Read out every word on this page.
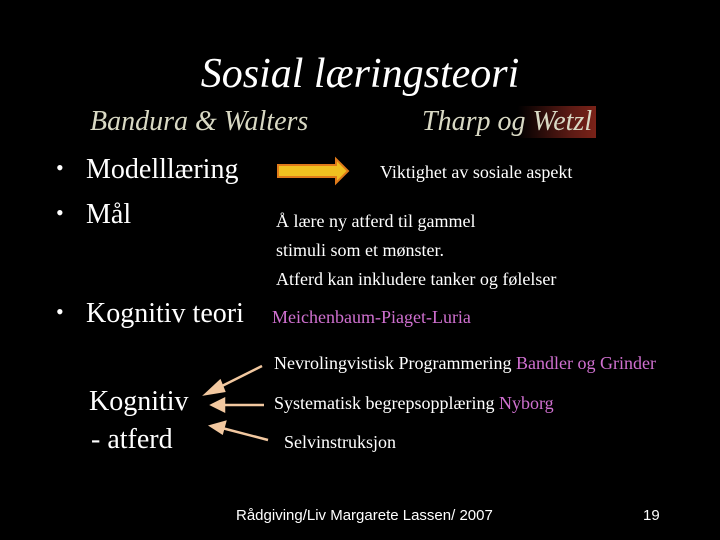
Sosial læringsteori
Bandura & Walters	Tharp og Wetzl
• Modelllæring
• Mål
• Kognitiv teori
Viktighet av sosiale aspekt
Å lære ny atferd til gammel
stimuli som et mønster.
Atferd kan inkludere tanker og følelser
Meichenbaum-Piaget-Luria
Nevrolingvistisk Programmering Bandler og Grinder
Systematisk begrepsopplæring Nyborg
Selvinstruksjon
Kognitiv
- atferd
Rådgiving/Liv Margarete Lassen/ 2007	19
